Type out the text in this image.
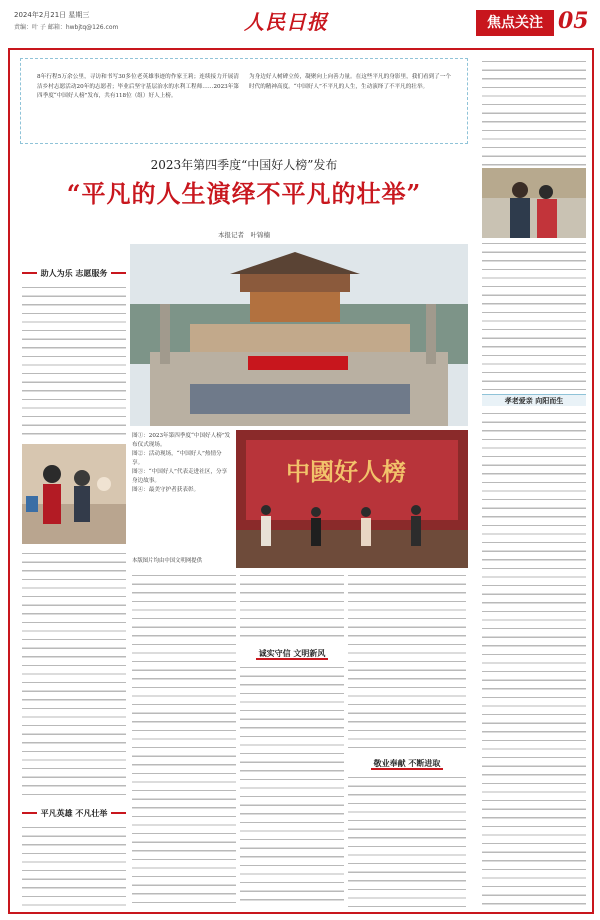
2024年2月21日 星期三
责编：叶 子 邮箱：hwbjtq@126.com	人民日报	焦点关注 05

8年行程5万余公里，寻访和书写30多位老英雄事迹的作家王莉；连续接力开展清洁乡村志愿活动20年的志愿者；毕业后坚守基层治水的水利工程师……2023年第四季度“中国好人榜”发布，共有118位（组）好人上榜。

为身边好人树碑立传，凝聚向上向善力量。在这些平凡的身影里，我们看到了一个时代的精神高度。“中国好人”不平凡的人生，生动演绎了不平凡的壮举。

2023年第四季度“中国好人榜”发布
“平凡的人生演绎不平凡的壮举”
本报记者　叶锦楠
助人为乐 志愿服务
平凡英雄 不凡壮举
图①：2023年第四季度“中国好人榜”发布仪式现场。
图②：活动现场，“中国好人”热情分享。
图③：“中国好人”代表走进社区，分享身边故事。
图④：最美守护者获表彰。
中國好人榜
本版图片均由中国文明网提供
诚实守信 文明新风
敬业奉献 不断进取
孝老爱亲 向阳而生
